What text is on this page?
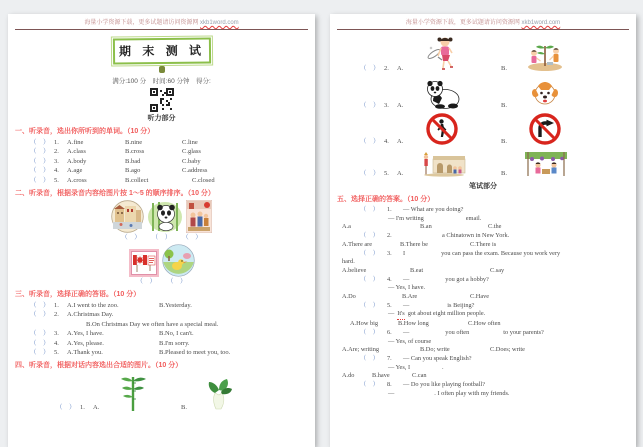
海量小学资源下载，更多试题请访问资源网 xkb1word.com
期 末 测 试
满分:100 分　时间:60 分钟　得分:
听力部分
一、听录音，选出你所听到的单词。（10 分）
（　） 1.	A.fine	B.nine	C.line
（　） 2.	A.class	B.cross	C.glass
（　） 3.	A.body	B.bad	C.baby
（　） 4.	A.age	B.ago	C.address
（　） 5.	A.cross	B.collect	C.closed
二、听录音，根据录音内容给图片按 1～5 的顺序排序。（10 分）
（　） （　） （　）
（　） （　）
三、听录音，选择正确的答语。（10 分）
（　） 1.	A.I went to the zoo.	B.Yesterday.
（　） 2.	A.Christmas Day.
B.On Christmas Day we often have a special meal.
（　） 3.	A.Yes, I have.	B.No, I can't.
（　） 4.	A.Yes, please.	B.I'm sorry.
（　） 5.	A.Thank you.	B.Pleased to meet you, too.
四、听录音，根据对话内容选出合适的图片。（10 分）
（　） 1.	A.	B.
海量小学资源下载，更多试题请访问资源网 xkb1word.com
（　） 2.	A.	B.
（　） 3.	A.	B.
（　） 4.	A.	B.
（　） 5.	A.	B.
笔试部分
五、选择正确的答案。（10 分）
（　）	1.	— What are you doing?
— I'm writing	email.
A.a	B.an	C.the
（　）	2.	a Chinatown in New York.
A.There are	B.There be	C.There is
（　）	3.	I	you can pass the exam. Because you work very
hard.
A.believe	B.eat	C.say
（　）	4.	—	you got a hobby?
— Yes, I have.
A.Do	B.Are	C.Have
（　）	5.	—	is Beijing?
— It's got about eight million people.
A.How big	B.How long	C.How often
（　）	6.	—	you often	to your parents?
— Yes, of course
A.Are; writing	B.Do; write	C.Does; write
（　）	7.	— Can you speak English?
— Yes, I	.
A.do	B.have	C.can
（　）	8.	— Do you like playing football?
—	. I often play with my friends.
